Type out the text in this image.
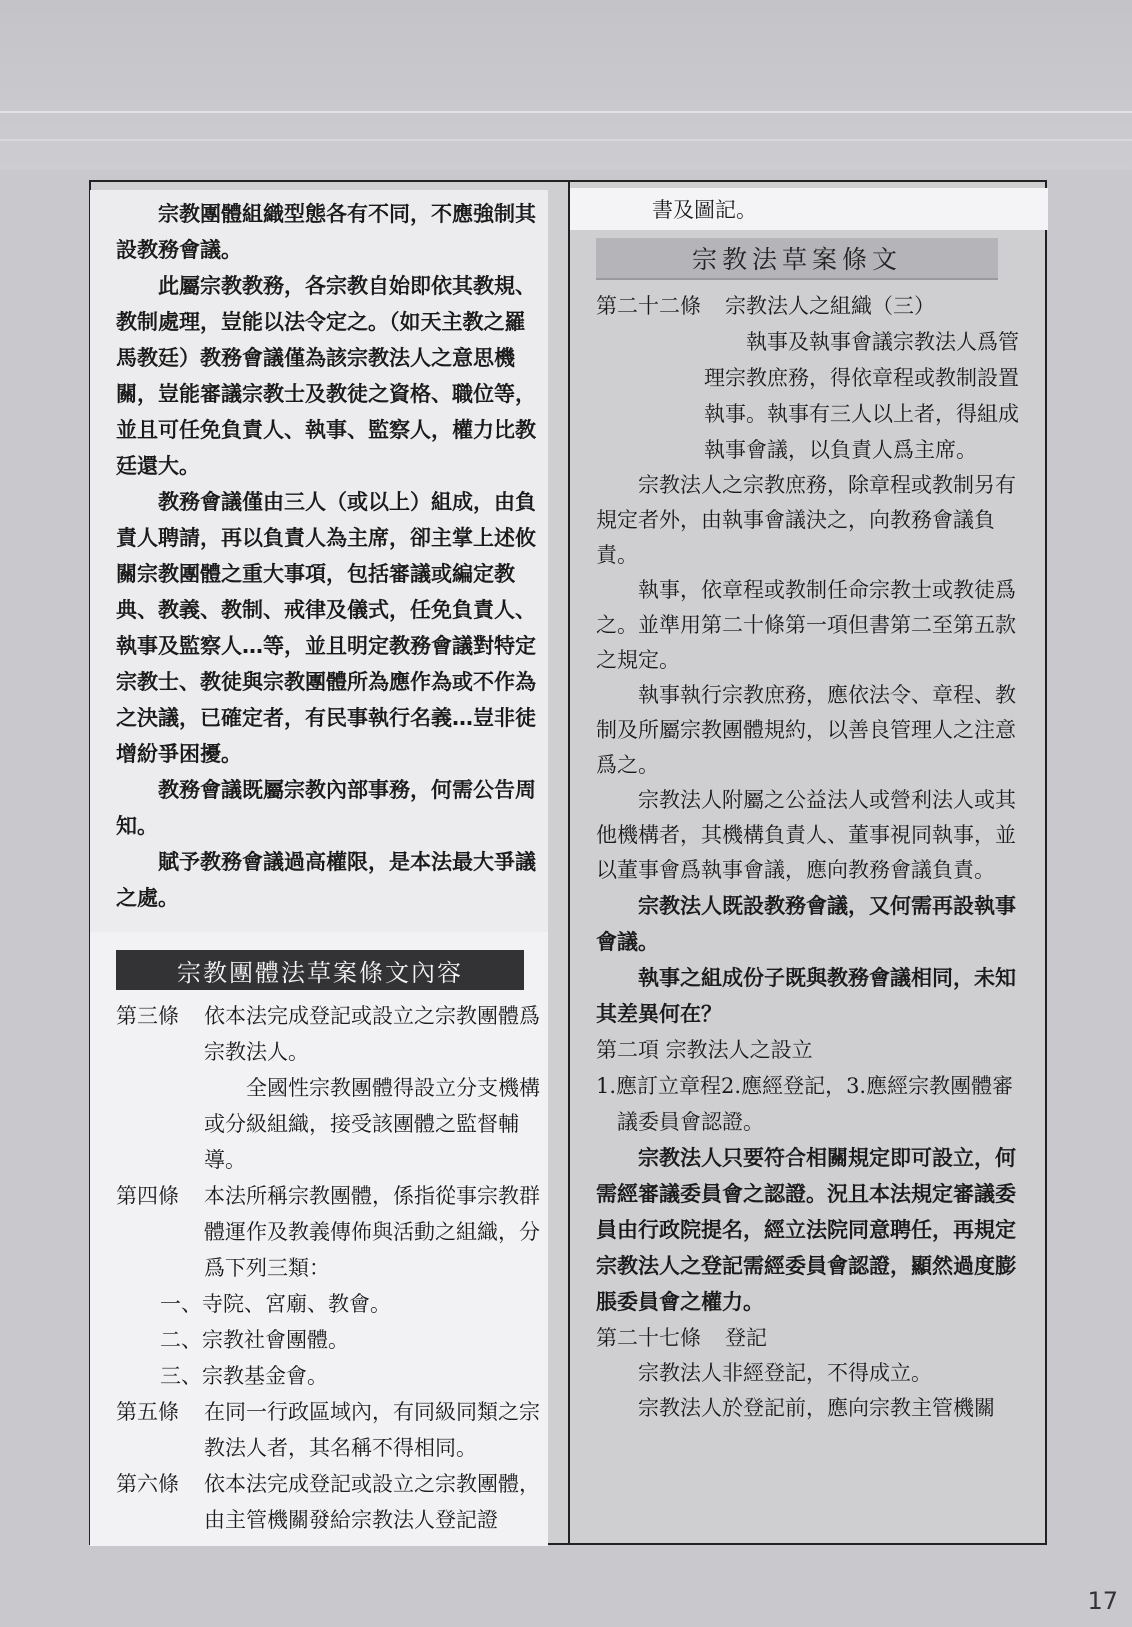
宗教團體組織型態各有不同，不應強制其設教務會議。

此屬宗教教務，各宗教自始即依其教規、教制處理，豈能以法令定之。（如天主教之羅馬教廷）教務會議僅為該宗教法人之意思機關，豈能審議宗教士及教徒之資格、職位等，並且可任免負責人、執事、監察人，權力比教廷還大。

教務會議僅由三人（或以上）組成，由負責人聘請，再以負責人為主席，卻主掌上述攸關宗教團體之重大事項，包括審議或編定教典、教義、教制、戒律及儀式，任免負責人、執事及監察人…等，並且明定教務會議對特定宗教士、教徒與宗教團體所為應作為或不作為之決議，已確定者，有民事執行名義…豈非徒增紛爭困擾。

教務會議既屬宗教內部事務，何需公告周知。

賦予教務會議過高權限，是本法最大爭議之處。

宗教團體法草案條文內容
第三條	依本法完成登記或設立之宗教團體爲宗教法人。

全國性宗教團體得設立分支機構或分級組織，接受該團體之監督輔導。

第四條	本法所稱宗教團體，係指從事宗教群體運作及教義傳佈與活動之組織，分爲下列三類：

一、寺院、宮廟、教會。
二、宗教社會團體。
三、宗教基金會。
第五條	在同一行政區域內，有同級同類之宗教法人者，其名稱不得相同。

第六條	依本法完成登記或設立之宗教團體，由主管機關發給宗教法人登記證

書及圖記。
宗教法草案條文

第二十二條 宗教法人之組織（三）

執事及執事會議宗教法人爲管理宗教庶務，得依章程或教制設置執事。執事有三人以上者，得組成執事會議，以負責人爲主席。

宗教法人之宗教庶務，除章程或教制另有規定者外，由執事會議決之，向教務會議負責。

執事，依章程或教制任命宗教士或教徒爲之。並準用第二十條第一項但書第二至第五款之規定。

執事執行宗教庶務，應依法令、章程、教制及所屬宗教團體規約，以善良管理人之注意爲之。

宗教法人附屬之公益法人或營利法人或其他機構者，其機構負責人、董事視同執事，並以董事會爲執事會議，應向教務會議負責。

宗教法人既設教務會議，又何需再設執事會議。

執事之組成份子既與教務會議相同，未知其差異何在？

第二項 宗教法人之設立

1.應訂立章程2.應經登記，3.應經宗教團體審議委員會認證。

宗教法人只要符合相關規定即可設立，何需經審議委員會之認證。況且本法規定審議委員由行政院提名，經立法院同意聘任，再規定宗教法人之登記需經委員會認證，顯然過度膨脹委員會之權力。

第二十七條 登記

宗教法人非經登記，不得成立。

宗教法人於登記前，應向宗教主管機關

17
